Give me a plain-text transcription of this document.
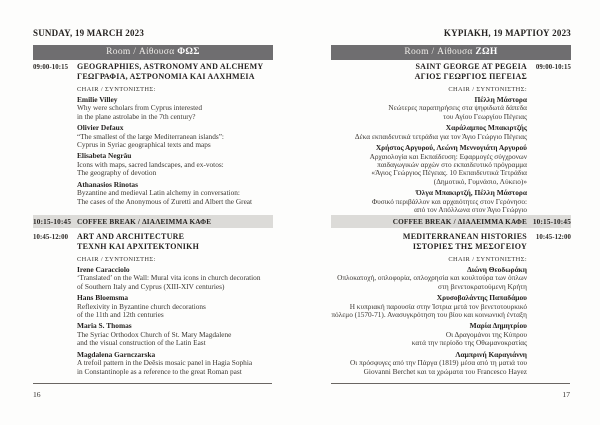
SUNDAY, 19 MARCH 2023
Room / Αίθουσα ΦΩΣ
09:00-10:15	GEOGRAPHIES, ASTRONOMY AND ALCHEMY
ΓΕΩΓΡΑΦΙΑ, ΑΣΤΡΟΝΟΜΙΑ ΚΑΙ ΑΛΧΗΜΕΙΑ
CHAIR / ΣΥΝΤΟΝΙΣΤΗΣ:
Emilie Villey
Why were scholars from Cyprus interested
in the plane astrolabe in the 7th century?
Olivier Defaux
“The smallest of the large Mediterranean islands”:
Cyprus in Syriac geographical texts and maps
Elisabeta Negrău
Icons with maps, sacred landscapes, and ex-votos:
The geography of devotion
Athanasios Rinotas
Byzantine and medieval Latin alchemy in conversation:
The cases of the Anonymous of Zuretti and Albert the Great
10:15-10:45 COFFEE BREAK / ΔΙΑΛΕΙΜΜΑ ΚΑΦΕ
10:45-12:00	ART AND ARCHITECTURE
ΤΕΧΝΗ ΚΑΙ ΑΡΧΙΤΕΚΤΟΝΙΚΗ
CHAIR / ΣΥΝΤΟΝΙΣΤΗΣ:
Irene Caracciolo
‘Translated’ on the Wall: Mural vita icons in church decoration
of Southern Italy and Cyprus (XIII-XIV centuries)
Hans Bloemsma
Reflexivity in Byzantine church decorations
of the 11th and 12th centuries
Maria S. Thomas
The Syriac Orthodox Church of St. Mary Magdalene
and the visual construction of the Latin East
Magdalena Garnczarska
A trefoil pattern in the Deēsis mosaic panel in Hagia Sophia
in Constantinople as a reference to the great Roman past
16
ΚΥΡΙΑΚΗ, 19 ΜΑΡΤΙΟΥ 2023
Room / Αίθουσα ΖΩΗ
SAINT GEORGE AT PEGEIA
ΑΓΙΟΣ ΓΕΩΡΓΙΟΣ ΠΕΓΕΙΑΣ
CHAIR / ΣΥΝΤΟΝΙΣΤΗΣ:
Πέλλη Μάστορα
Νεώτερες παρατηρήσεις στα ψηφιδωτά δάπεδα
του Αγίου Γεωργίου Πέγειας
Χαράλαμπος Μπακιρτζής
Δέκα εκπαιδευτικά τετράδια για τον Άγιο Γεώργιο Πέγειας
Χρήστος Αργυρού, Λεώνη Μεννογιάτη Αργυρού
Αρχαιολογία και Εκπαίδευση: Εφαρμογές σύγχρονων
παιδαγωγικών αρχών στο εκπαιδευτικό πρόγραμμα
«Άγιος Γεώργιος Πέγειας. 10 Εκπαιδευτικά Τετράδια
(Δημοτικό, Γυμνάσιο, Λύκειο)»
Όλγα Μπακιρτζή, Πέλλη Μάστορα
Φυσικό περιβάλλον και αρχαιότητες στον Γερόνησο:
από τον Απόλλωνα στον Άγιο Γεώργιο
09:00-10:15
COFFEE BREAK / ΔΙΑΛΕΙΜΜΑ ΚΑΦΕ 10:15-10:45
MEDITERRANEAN HISTORIES
ΙΣΤΟΡΙΕΣ ΤΗΣ ΜΕΣΟΓΕΙΟΥ
CHAIR / ΣΥΝΤΟΝΙΣΤΗΣ:
Διώνη Θεοδωράκη
Οπλοκατοχή, οπλοφορία, οπλοχρησία και κουλτούρα των όπλων
στη βενετοκρατούμενη Κρήτη
Χρυσοβαλάντης Παπαδάμου
Η κυπριακή παρουσία στην Ίστρια μετά τον βενετοτουρκικό
πόλεμο (1570-71). Ανασυγκρότηση του βίου και κοινωνική ένταξη
Μαρία Δημητρίου
Οι Δραγομάνοι της Κύπρου
κατά την περίοδο της Οθωμανοκρατίας
Λαμπρινή Καραγιάννη
Οι πρόσφυγες από την Πάργα (1819) μέσα από τη ματιά του
Giovanni Berchet και τα χρώματα του Francesco Hayez
10:45-12:00
17
